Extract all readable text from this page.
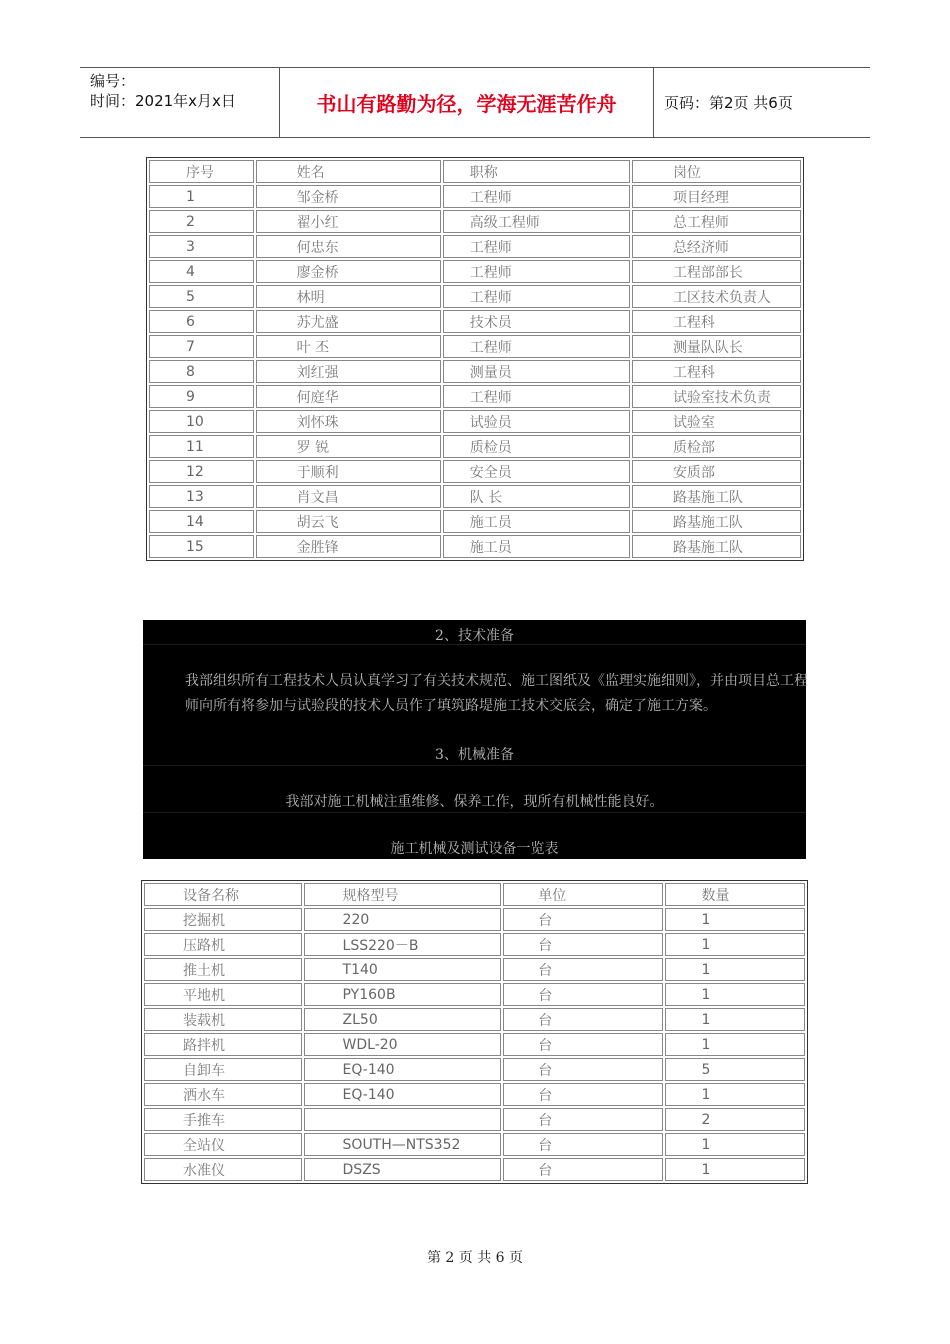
编号：
时间：2021年x月x日	书山有路勤为径，学海无涯苦作舟	页码：第2页 共6页
序号	姓名	职称	岗位
1	邹金桥	工程师	项目经理
2	翟小红	高级工程师	总工程师
3	何忠东	工程师	总经济师
4	廖金桥	工程师	工程部部长
5	林明	工程师	工区技术负责人
6	苏尤盛	技术员	工程科
7	叶 丕	工程师	测量队队长
8	刘红强	测量员	工程科
9	何庭华	工程师	试验室技术负责
10	刘怀珠	试验员	试验室
11	罗 锐	质检员	质检部
12	于顺利	安全员	安质部
13	肖文昌	队 长	路基施工队
14	胡云飞	施工员	路基施工队
15	金胜锋	施工员	路基施工队
2、技术准备
我部组织所有工程技术人员认真学习了有关技术规范、施工图纸及《监理实施细则》，并由项目总工程师向所有将参加与试验段的技术人员作了填筑路堤施工技术交底会，确定了施工方案。
3、机械准备
我部对施工机械注重维修、保养工作，现所有机械性能良好。
施工机械及测试设备一览表
设备名称	规格型号	单位	数量
挖掘机	220	台	1
压路机	LSS220－B	台	1
推土机	T140	台	1
平地机	PY160B	台	1
装载机	ZL50	台	1
路拌机	WDL-20	台	1
自卸车	EQ-140	台	5
洒水车	EQ-140	台	1
手推车		台	2
全站仪	SOUTH—NTS352	台	1
水准仪	DSZS	台	1
第 2 页 共 6 页
